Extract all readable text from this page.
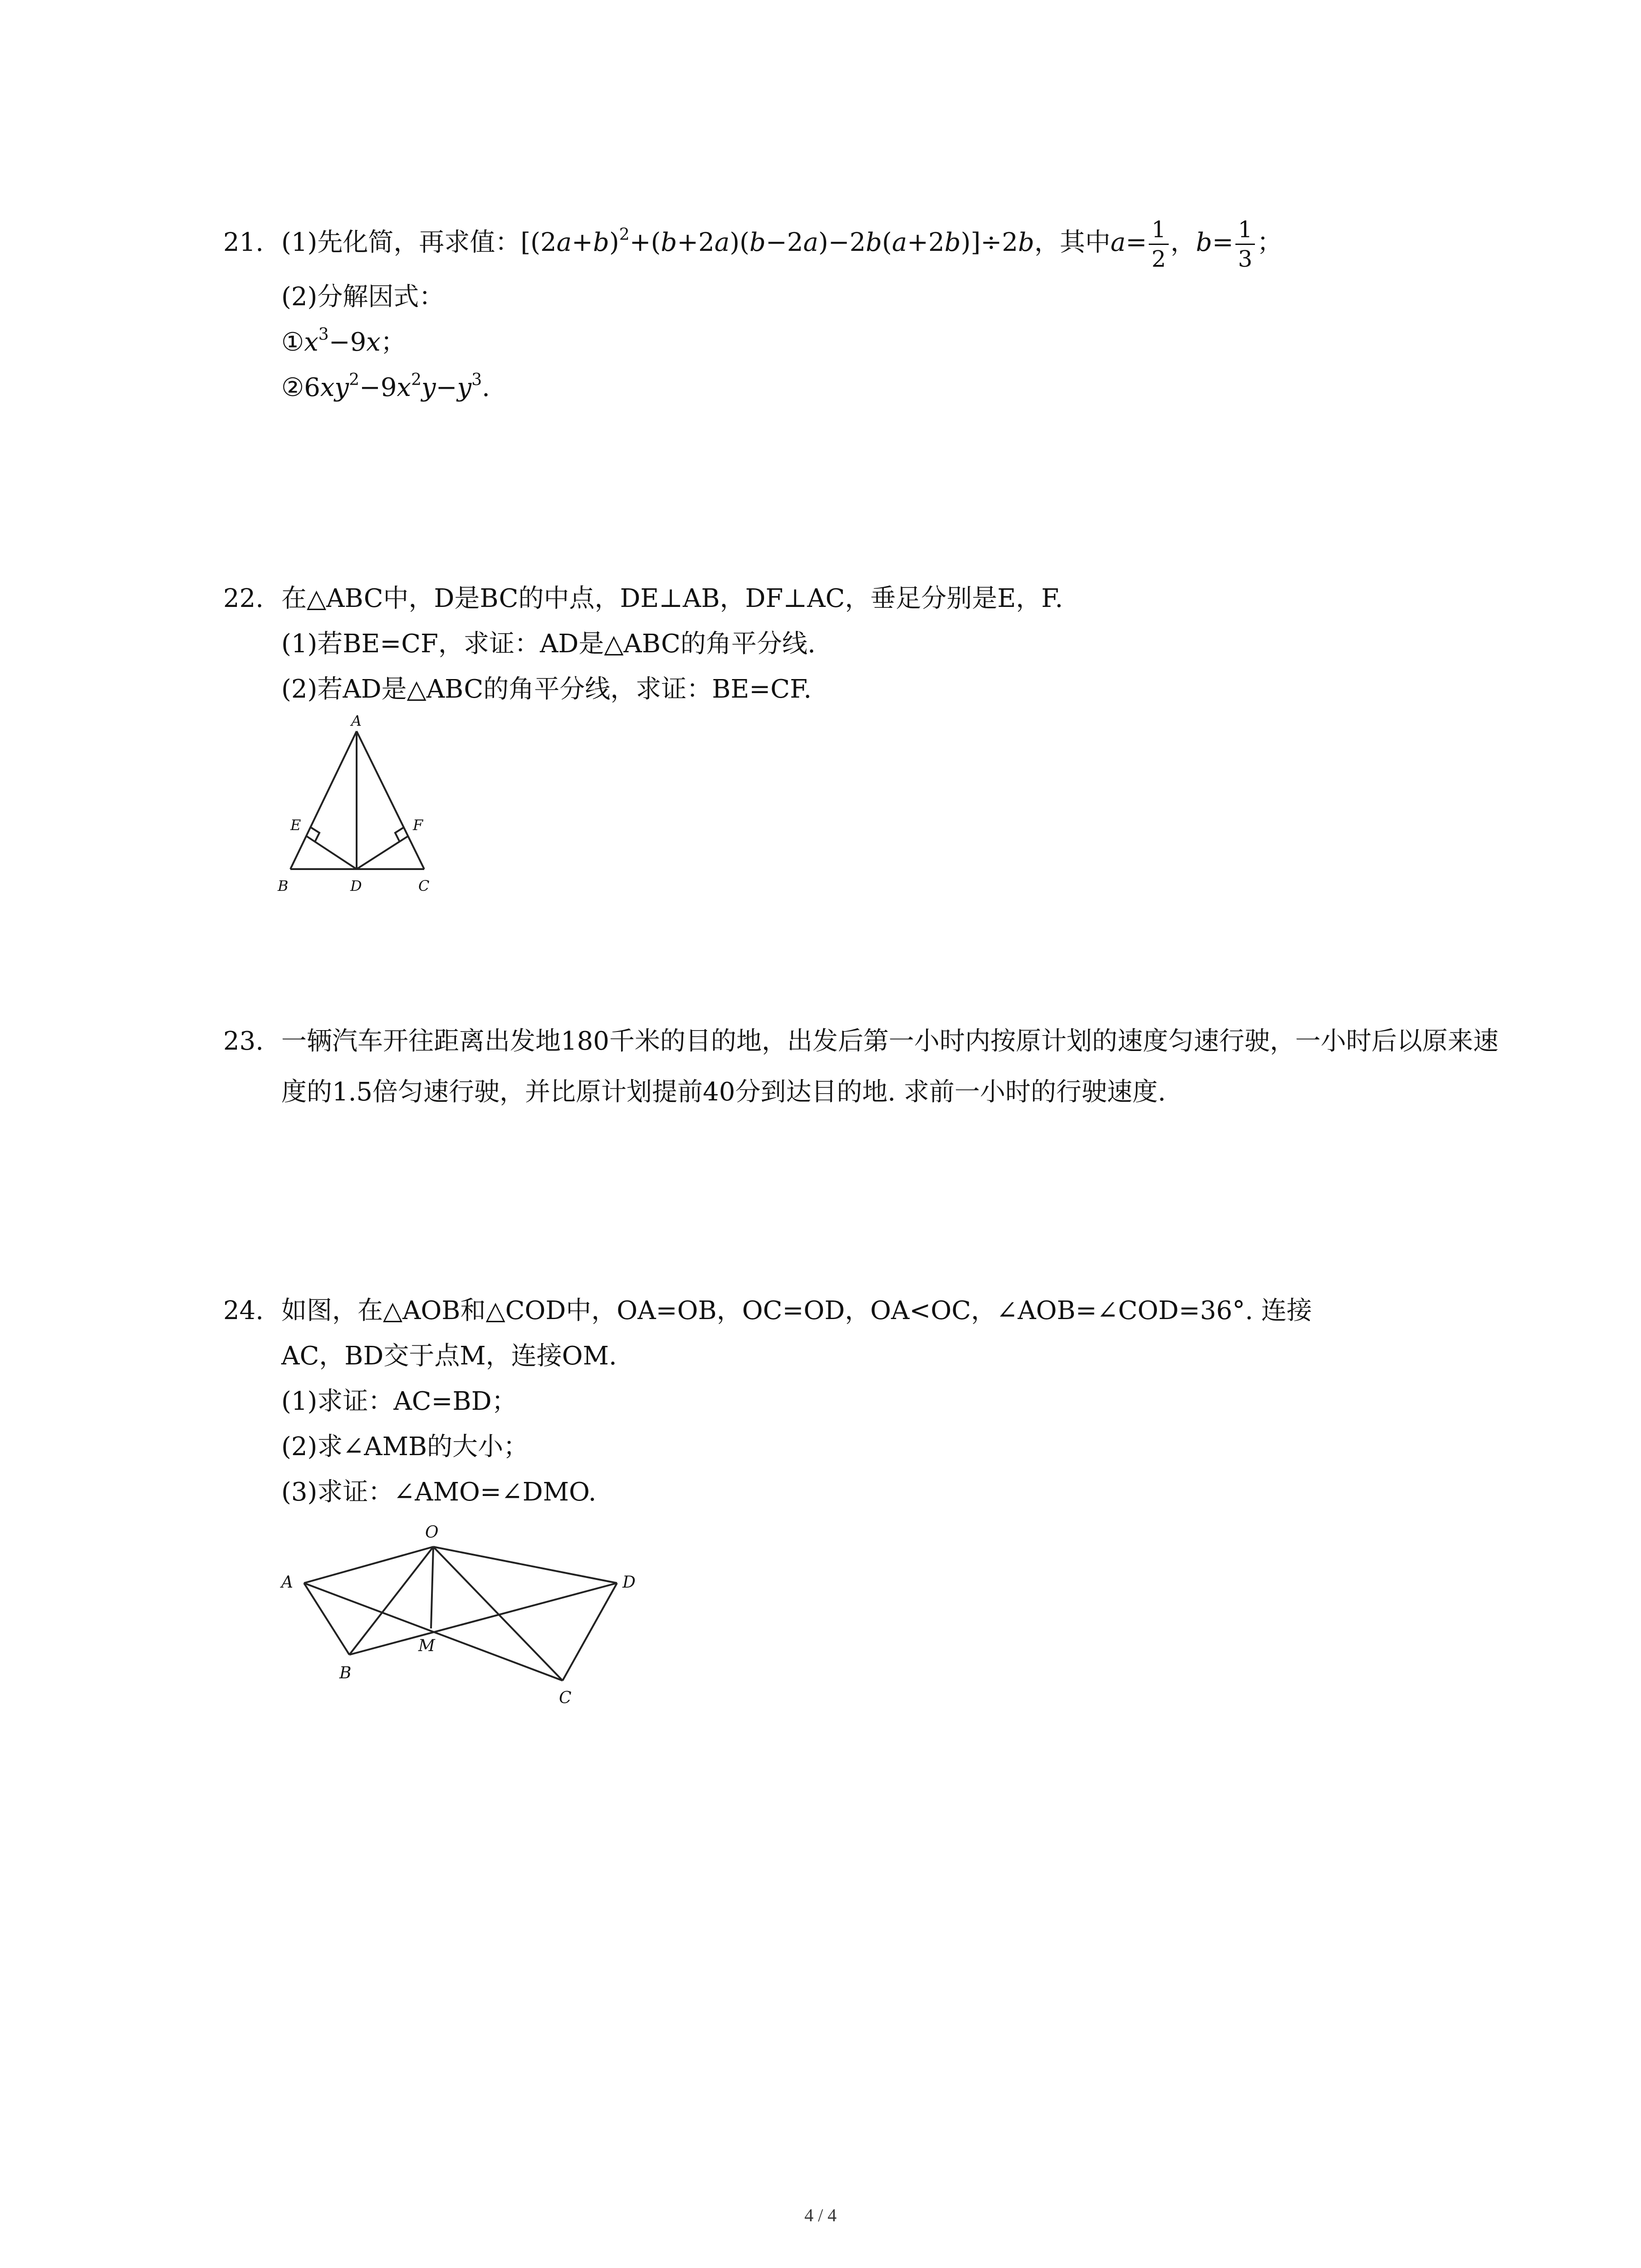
21. (1)先化简，再求值：$[(2a+b)^2+(b+2a)(b-2a)-2b(a+2b)]\div 2b$，其中$a= \frac{1}{2}$ ，$b= \frac{1}{3}$ ；
(2)分解因式：
$①x^3-9x$；
$②6xy^2-9x^2y-y^3$.
22. 在△ABC中，D是BC的中点，DE⊥AB，DF⊥AC，垂足分别是E，F.
(1)若BE=CF，求证：AD是△ABC的角平分线.
(2)若AD是△ABC的角平分线，求证：BE=CF.
A
B	D	C
E	F
23. 一辆汽车开往距离出发地180千米的目的地，出发后第一小时内按原计划的速度匀速行驶，一小时后以原来速度的1.5倍匀速行驶，并比原计划提前40分到达目的地. 求前一小时的行驶速度.
24. 如图，在△AOB和△COD中，OA=OB，OC=OD，OA<OC，∠AOB=∠COD=36°. 连接
AC，BD交于点M，连接OM.
(1)求证：AC=BD；
(2)求∠AMB的大小；
(3)求证：∠AMO=∠DMO.
O
A	D
B
M
C
4 / 4
